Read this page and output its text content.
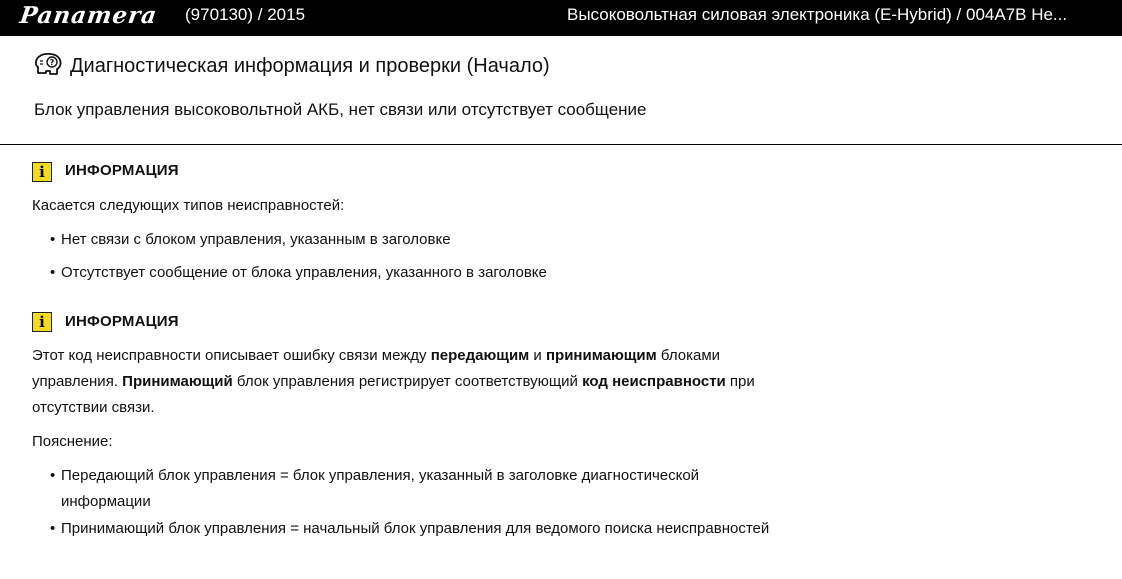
Panamera (970130) / 2015	Высоковольтная силовая электроника (E-Hybrid) / 004A7B He...
? Диагностическая информация и проверки (Начало)
Блок управления высоковольтной АКБ, нет связи или отсутствует сообщение
i	ИНФОРМАЦИЯ
Касается следующих типов неисправностей:
• Нет связи с блоком управления, указанным в заголовке
• Отсутствует сообщение от блока управления, указанного в заголовке
i	ИНФОРМАЦИЯ
Этот код неисправности описывает ошибку связи между передающим и принимающим блоками управления. Принимающий блок управления регистрирует соответствующий код неисправности при отсутствии связи.
Пояснение:
• Передающий блок управления = блок управления, указанный в заголовке диагностической информации
• Принимающий блок управления = начальный блок управления для ведомого поиска неисправностей
